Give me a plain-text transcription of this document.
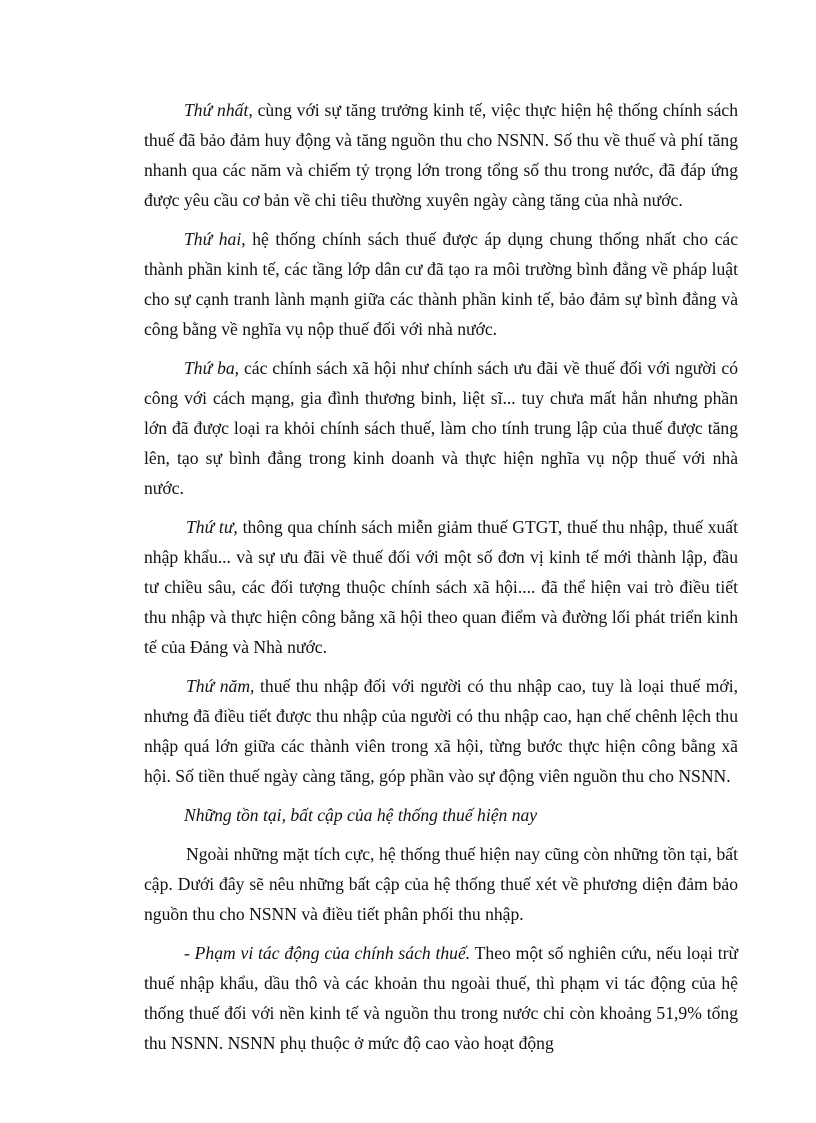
Thứ nhất, cùng với sự tăng trưởng kinh tế, việc thực hiện hệ thống chính sách thuế đã bảo đảm huy động và tăng nguồn thu cho NSNN. Số thu về thuế và phí tăng nhanh qua các năm và chiếm tỷ trọng lớn trong tổng số thu trong nước, đã đáp ứng được yêu cầu cơ bản về chi tiêu thường xuyên ngày càng tăng của nhà nước.

Thứ hai, hệ thống chính sách thuế được áp dụng chung thống nhất cho các thành phần kinh tế, các tầng lớp dân cư đã tạo ra môi trường bình đẳng về pháp luật cho sự cạnh tranh lành mạnh giữa các thành phần kinh tế, bảo đảm sự bình đẳng và công bằng về nghĩa vụ nộp thuế đối với nhà nước.

Thứ ba, các chính sách xã hội như chính sách ưu đãi về thuế đối với người có công với cách mạng, gia đình thương binh, liệt sĩ... tuy chưa mất hẳn nhưng phần lớn đã được loại ra khỏi chính sách thuế, làm cho tính trung lập của thuế được tăng lên, tạo sự bình đẳng trong kinh doanh và thực hiện nghĩa vụ nộp thuế với nhà nước.

Thứ tư, thông qua chính sách miễn giảm thuế GTGT, thuế thu nhập, thuế xuất nhập khẩu... và sự ưu đãi về thuế đối với một số đơn vị kinh tế mới thành lập, đầu tư chiều sâu, các đối tượng thuộc chính sách xã hội.... đã thể hiện vai trò điều tiết thu nhập và thực hiện công bằng xã hội theo quan điểm và đường lối phát triển kinh tế của Đảng và Nhà nước.

Thứ năm, thuế thu nhập đối với người có thu nhập cao, tuy là loại thuế mới, nhưng đã điều tiết được thu nhập của người có thu nhập cao, hạn chế chênh lệch thu nhập quá lớn giữa các thành viên trong xã hội, từng bước thực hiện công bằng xã hội. Số tiền thuế ngày càng tăng, góp phần vào sự động viên nguồn thu cho NSNN.

Những tồn tại, bất cập của hệ thống thuế hiện nay

Ngoài những mặt tích cực, hệ thống thuế hiện nay cũng còn những tồn tại, bất cập. Dưới đây sẽ nêu những bất cập của hệ thống thuế xét về phương diện đảm bảo nguồn thu cho NSNN và điều tiết phân phối thu nhập.

- Phạm vi tác động của chính sách thuế. Theo một số nghiên cứu, nếu loại trừ thuế nhập khẩu, dầu thô và các khoản thu ngoài thuế, thì phạm vi tác động của hệ thống thuế đối với nền kinh tế và nguồn thu trong nước chỉ còn khoảng 51,9% tổng thu NSNN. NSNN phụ thuộc ở mức độ cao vào hoạt động
